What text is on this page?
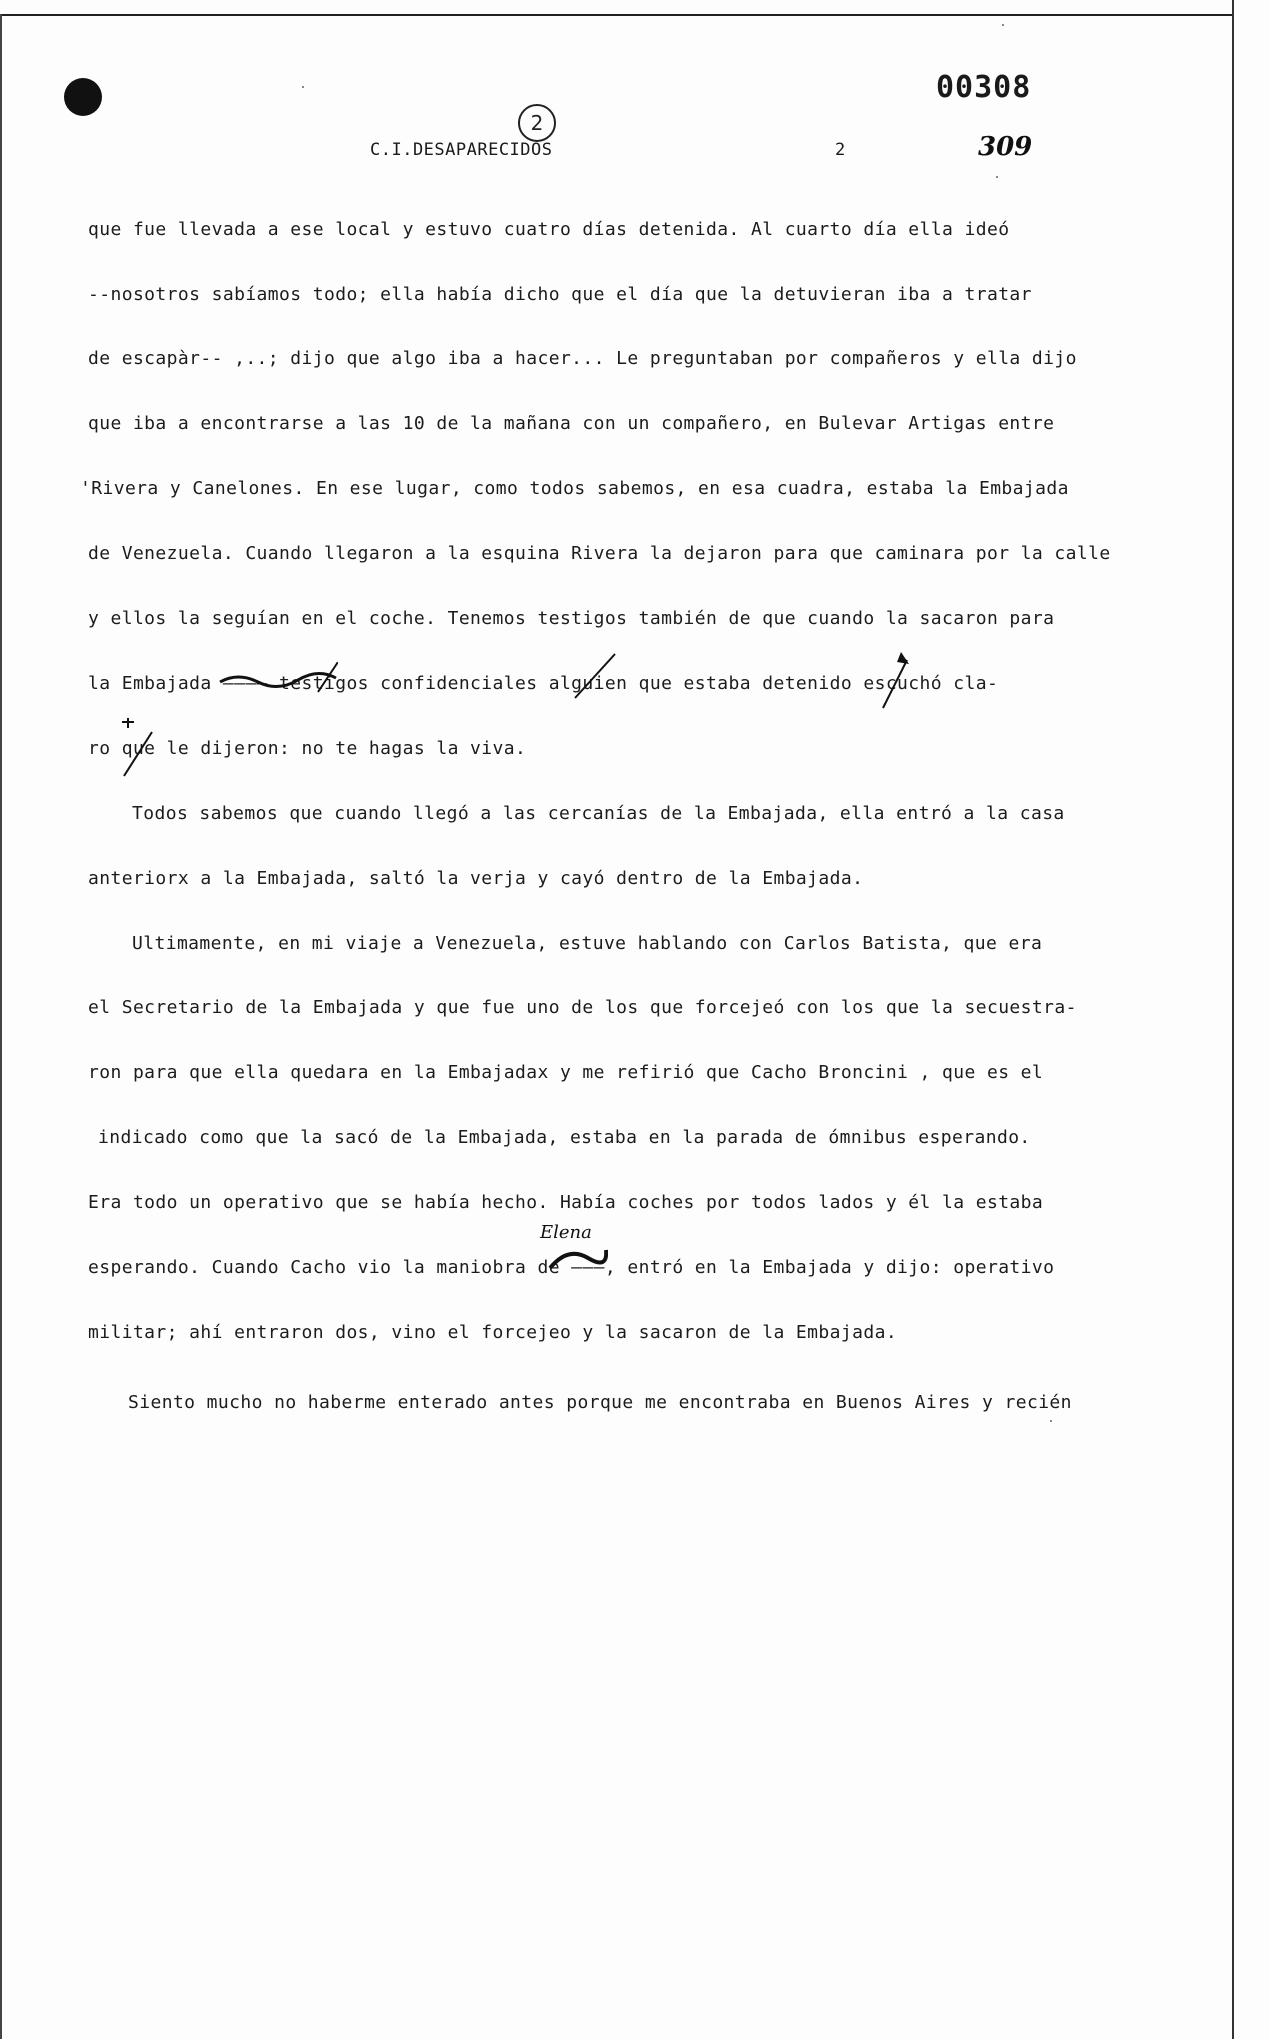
00308
2
C.I.DESAPARECIDOS	2	309
que fue llevada a ese local y estuvo cuatro días detenida. Al cuarto día ella ideó
--nosotros sabíamos todo; ella había dicho que el día que la detuvieran iba a tratar
de escapàr-- ,..; dijo que algo iba a hacer... Le preguntaban por compañeros y ella dijo
que iba a encontrarse a las 10 de la mañana con un compañero, en Bulevar Artigas entre
'Rivera y Canelones. En ese lugar, como todos sabemos, en esa cuadra, estaba la Embajada
de Venezuela. Cuando llegaron a la esquina Rivera la dejaron para que caminara por la calle
y ellos la seguían en el coche. Tenemos testigos también de que cuando la sacaron para
la Embajada ———— testigos confidenciales alguien que estaba detenido escuchó cla-
ro que le dijeron: no te hagas la viva.
Todos sabemos que cuando llegó a las cercanías de la Embajada, ella entró a la casa
anteriorx a la Embajada, saltó la verja y cayó dentro de la Embajada.
Ultimamente, en mi viaje a Venezuela, estuve hablando con Carlos Batista, que era
el Secretario de la Embajada y que fue uno de los que forcejeó con los que la secuestra-
ron para que ella quedara en la Embajadax y me refirió que Cacho Broncini , que es el
indicado como que la sacó de la Embajada, estaba en la parada de ómnibus esperando.
Era todo un operativo que se había hecho. Había coches por todos lados y él la estaba
esperando. Cuando Cacho vio la maniobra de ———, entró en la Embajada y dijo: operativo
militar; ahí entraron dos, vino el forcejeo y la sacaron de la Embajada.
Siento mucho no haberme enterado antes porque me encontraba en Buenos Aires y recién
Elena
